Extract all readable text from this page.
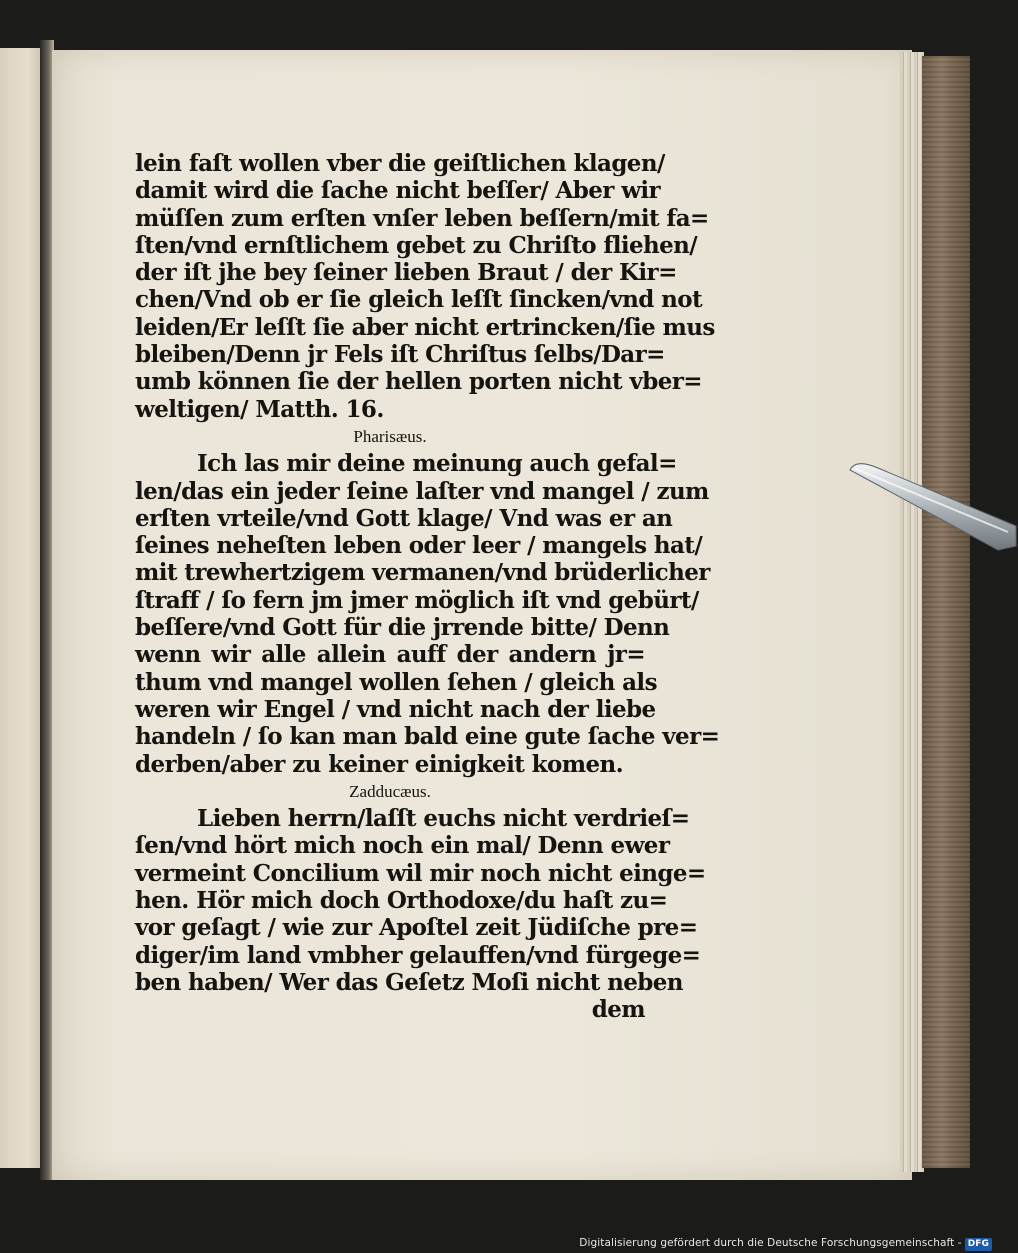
lein faſt wollen vber die geiſtlichen klagen/
damit wird die ſache nicht beſſer/ Aber wir
müſſen zum erſten vnſer leben beſſern/mit fa=
ſten/vnd ernſtlichem gebet zu Chriſto fliehen/
der iſt jhe bey ſeiner lieben Braut / der Kir=
chen/Vnd ob er ſie gleich leſſt ſincken/vnd not
leiden/Er leſſt ſie aber nicht ertrincken/ſie mus
bleiben/Denn jr Fels iſt Chriſtus ſelbs/Dar=
umb können ſie der hellen porten nicht vber=
weltigen/ Matth. 16.
Pharisæus.
Ich las mir deine meinung auch gefal=
len/das ein jeder ſeine laſter vnd mangel / zum
erſten vrteile/vnd Gott klage/ Vnd was er an
ſeines neheſten leben oder leer / mangels hat/
mit trewhertzigem vermanen/vnd brüderlicher
ſtraff / ſo fern jm jmer möglich iſt vnd gebürt/
beſſere/vnd Gott für die jrrende bitte/ Denn
wenn wir alle allein auff der andern jr=
thum vnd mangel wollen ſehen / gleich als
weren wir Engel / vnd nicht nach der liebe
handeln / ſo kan man bald eine gute ſache ver=
derben/aber zu keiner einigkeit komen.
Zadducæus.
Lieben herrn/laſſt euchs nicht verdrieſ=
ſen/vnd hört mich noch ein mal/ Denn ewer
vermeint Concilium wil mir noch nicht einge=
hen. Hör mich doch Orthodoxe/du haſt zu=
vor geſagt / wie zur Apoſtel zeit Jüdiſche pre=
diger/im land vmbher gelauffen/vnd fürgege=
ben haben/ Wer das Geſetz Moſi nicht neben
dem
Digitalisierung gefördert durch die Deutsche Forschungsgemeinschaft - DFG
